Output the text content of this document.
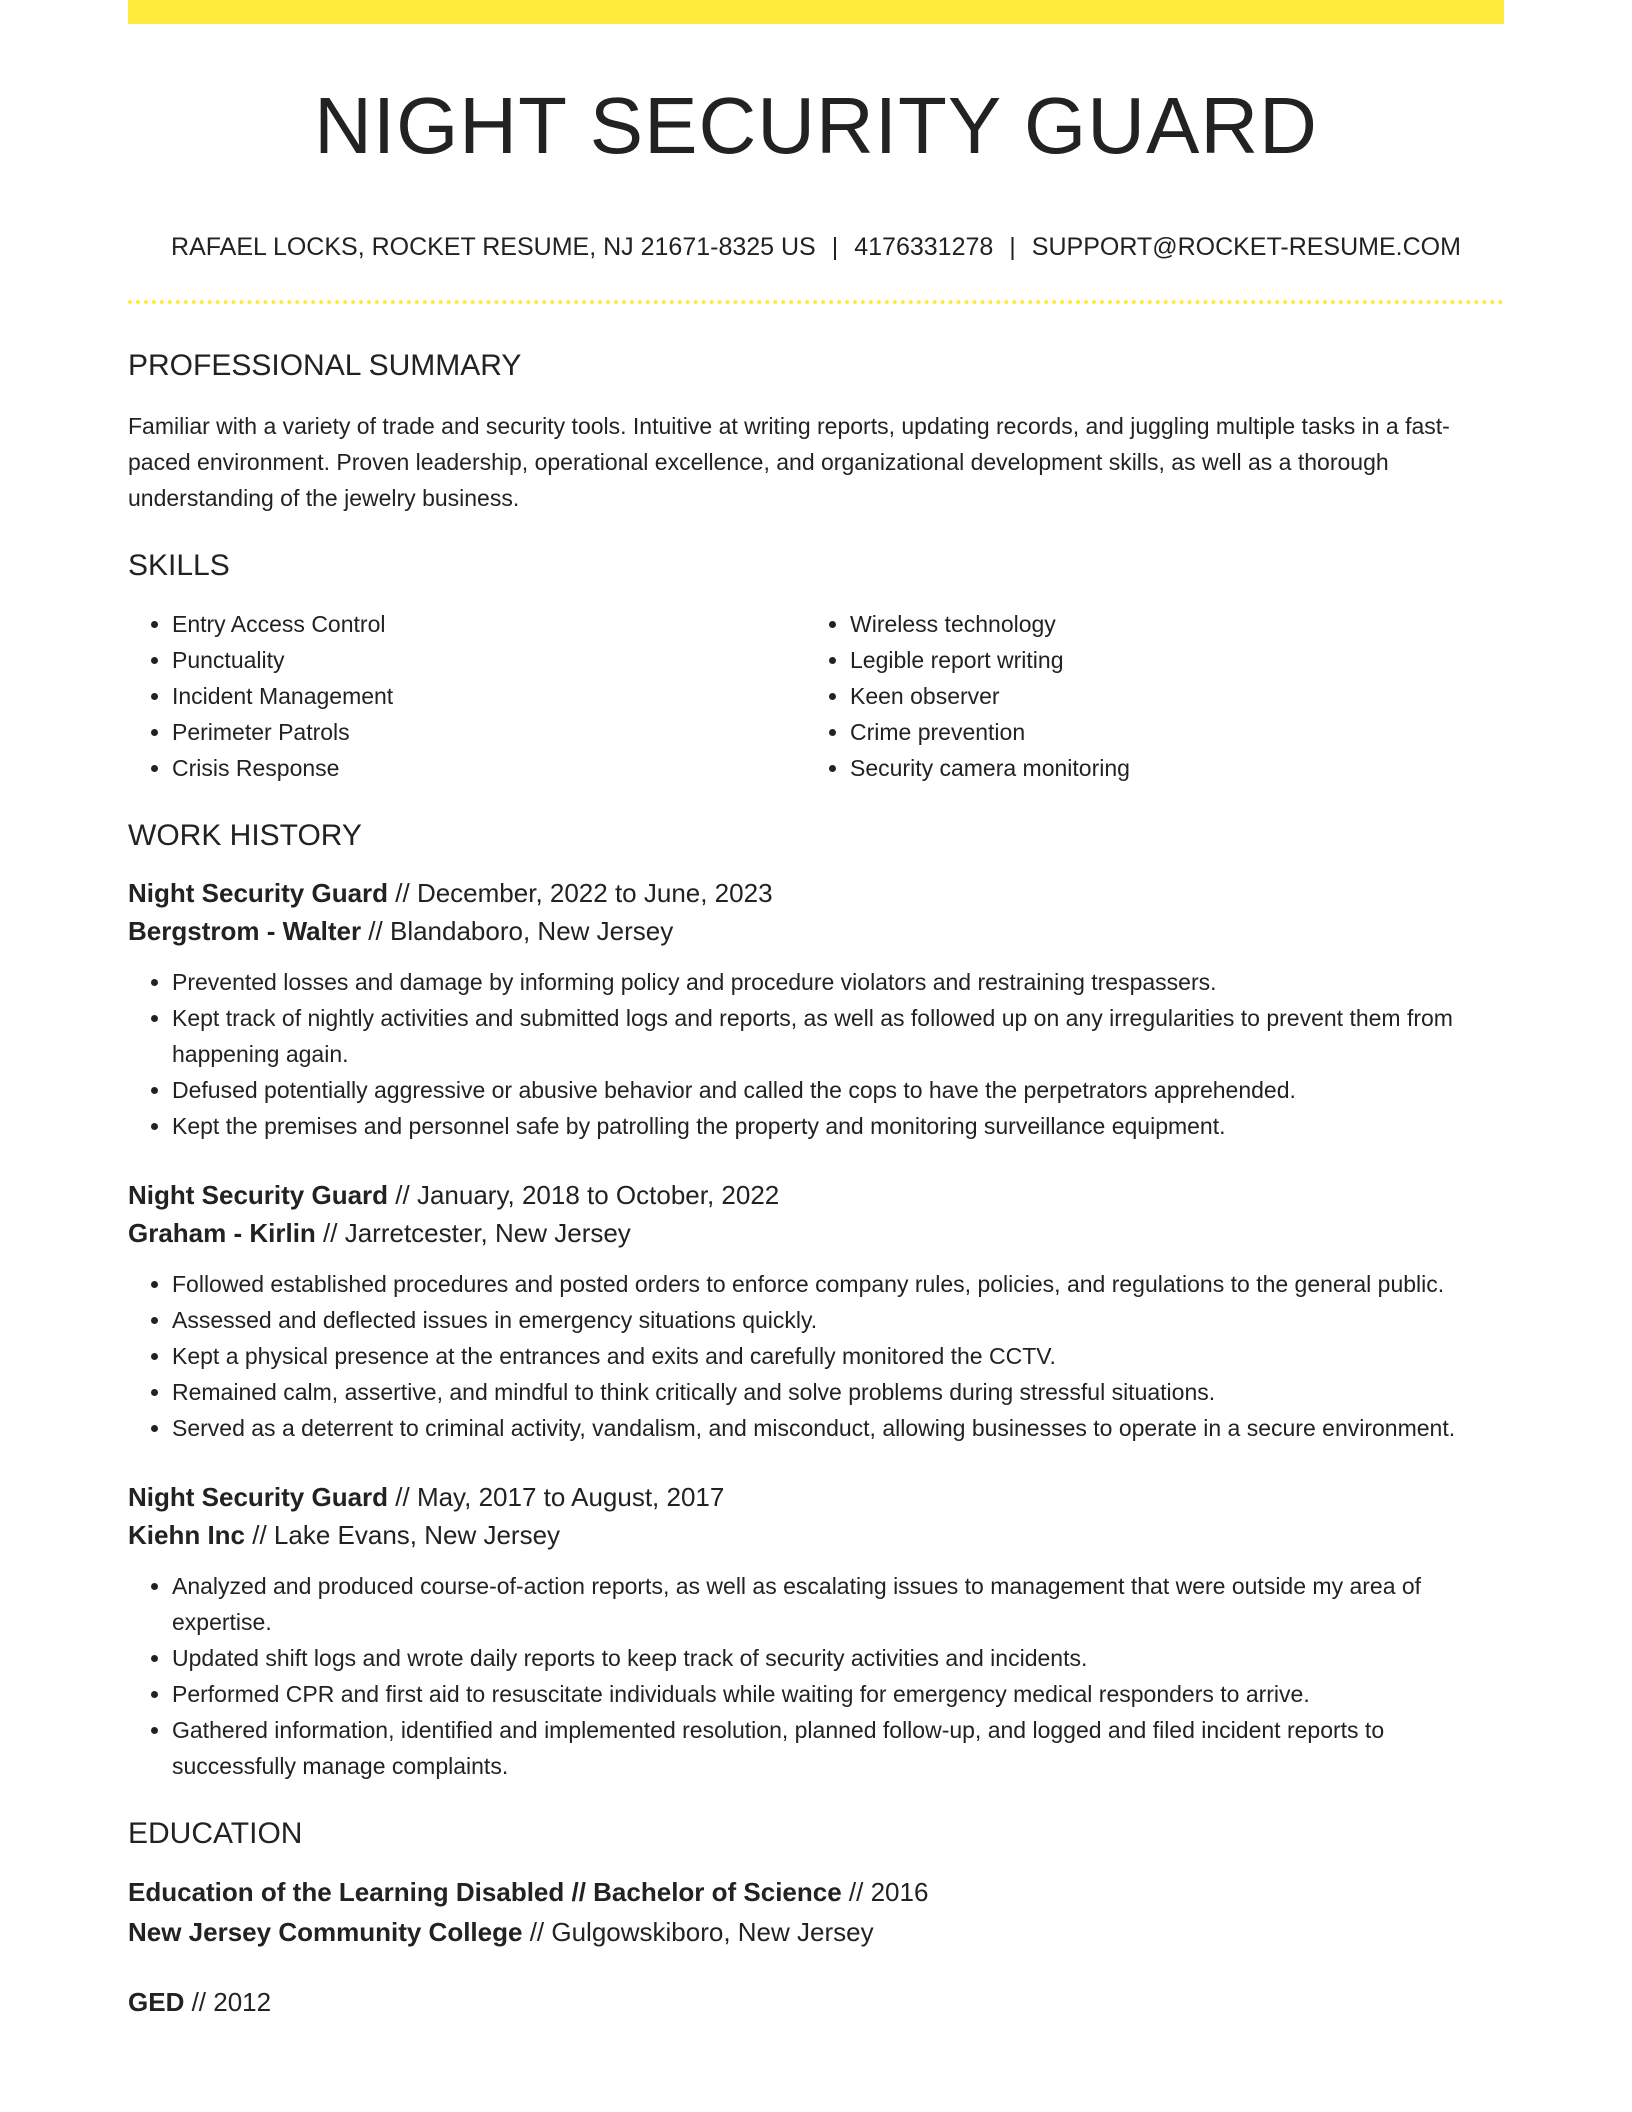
NIGHT SECURITY GUARD
RAFAEL LOCKS, ROCKET RESUME, NJ 21671-8325 US | 4176331278 | SUPPORT@ROCKET-RESUME.COM
PROFESSIONAL SUMMARY
Familiar with a variety of trade and security tools. Intuitive at writing reports, updating records, and juggling multiple tasks in a fast-paced environment. Proven leadership, operational excellence, and organizational development skills, as well as a thorough understanding of the jewelry business.
SKILLS
• Entry Access Control
• Punctuality
• Incident Management
• Perimeter Patrols
• Crisis Response
• Wireless technology
• Legible report writing
• Keen observer
• Crime prevention
• Security camera monitoring
WORK HISTORY
Night Security Guard // December, 2022 to June, 2023
Bergstrom - Walter // Blandaboro, New Jersey
• Prevented losses and damage by informing policy and procedure violators and restraining trespassers.
• Kept track of nightly activities and submitted logs and reports, as well as followed up on any irregularities to prevent them from happening again.
• Defused potentially aggressive or abusive behavior and called the cops to have the perpetrators apprehended.
• Kept the premises and personnel safe by patrolling the property and monitoring surveillance equipment.
Night Security Guard // January, 2018 to October, 2022
Graham - Kirlin // Jarretcester, New Jersey
• Followed established procedures and posted orders to enforce company rules, policies, and regulations to the general public.
• Assessed and deflected issues in emergency situations quickly.
• Kept a physical presence at the entrances and exits and carefully monitored the CCTV.
• Remained calm, assertive, and mindful to think critically and solve problems during stressful situations.
• Served as a deterrent to criminal activity, vandalism, and misconduct, allowing businesses to operate in a secure environment.
Night Security Guard // May, 2017 to August, 2017
Kiehn Inc // Lake Evans, New Jersey
• Analyzed and produced course-of-action reports, as well as escalating issues to management that were outside my area of expertise.
• Updated shift logs and wrote daily reports to keep track of security activities and incidents.
• Performed CPR and first aid to resuscitate individuals while waiting for emergency medical responders to arrive.
• Gathered information, identified and implemented resolution, planned follow-up, and logged and filed incident reports to successfully manage complaints.
EDUCATION
Education of the Learning Disabled // Bachelor of Science // 2016
New Jersey Community College // Gulgowskiboro, New Jersey
GED // 2012
